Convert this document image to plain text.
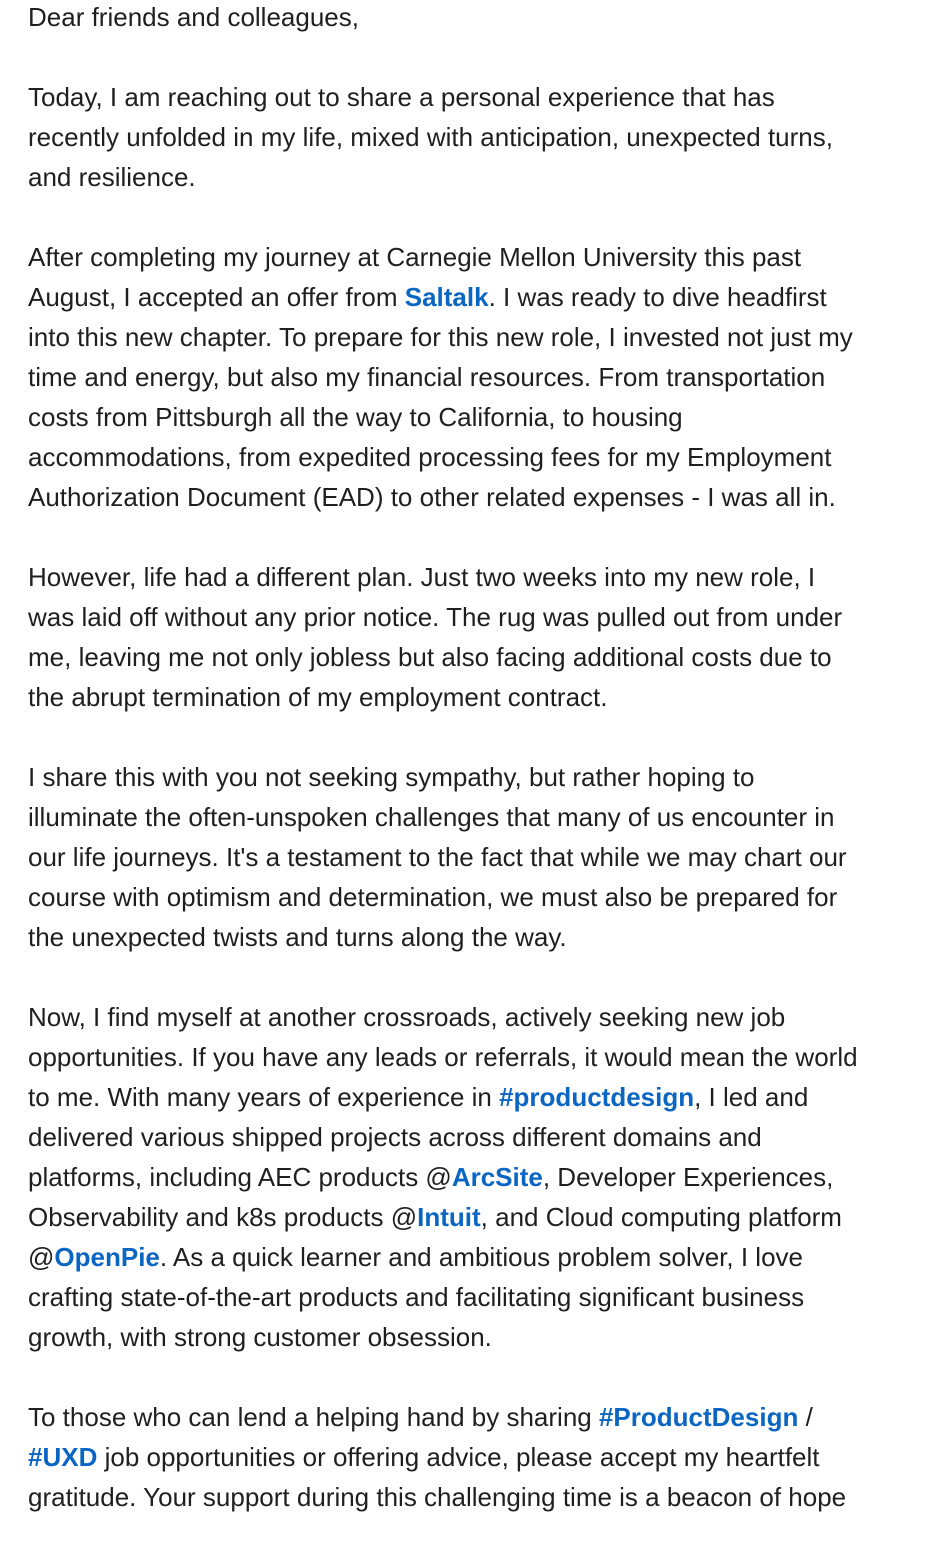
Dear friends and colleagues,
Today, I am reaching out to share a personal experience that has
recently unfolded in my life, mixed with anticipation, unexpected turns,
and resilience.
After completing my journey at Carnegie Mellon University this past
August, I accepted an offer from Saltalk. I was ready to dive headfirst
into this new chapter. To prepare for this new role, I invested not just my
time and energy, but also my financial resources. From transportation
costs from Pittsburgh all the way to California, to housing
accommodations, from expedited processing fees for my Employment
Authorization Document (EAD) to other related expenses - I was all in.
However, life had a different plan. Just two weeks into my new role, I
was laid off without any prior notice. The rug was pulled out from under
me, leaving me not only jobless but also facing additional costs due to
the abrupt termination of my employment contract.
I share this with you not seeking sympathy, but rather hoping to
illuminate the often-unspoken challenges that many of us encounter in
our life journeys. It's a testament to the fact that while we may chart our
course with optimism and determination, we must also be prepared for
the unexpected twists and turns along the way.
Now, I find myself at another crossroads, actively seeking new job
opportunities. If you have any leads or referrals, it would mean the world
to me. With many years of experience in #productdesign, I led and
delivered various shipped projects across different domains and
platforms, including AEC products @ArcSite, Developer Experiences,
Observability and k8s products @Intuit, and Cloud computing platform
@OpenPie. As a quick learner and ambitious problem solver, I love
crafting state-of-the-art products and facilitating significant business
growth, with strong customer obsession.
To those who can lend a helping hand by sharing #ProductDesign /
#UXD job opportunities or offering advice, please accept my heartfelt
gratitude. Your support during this challenging time is a beacon of hope
